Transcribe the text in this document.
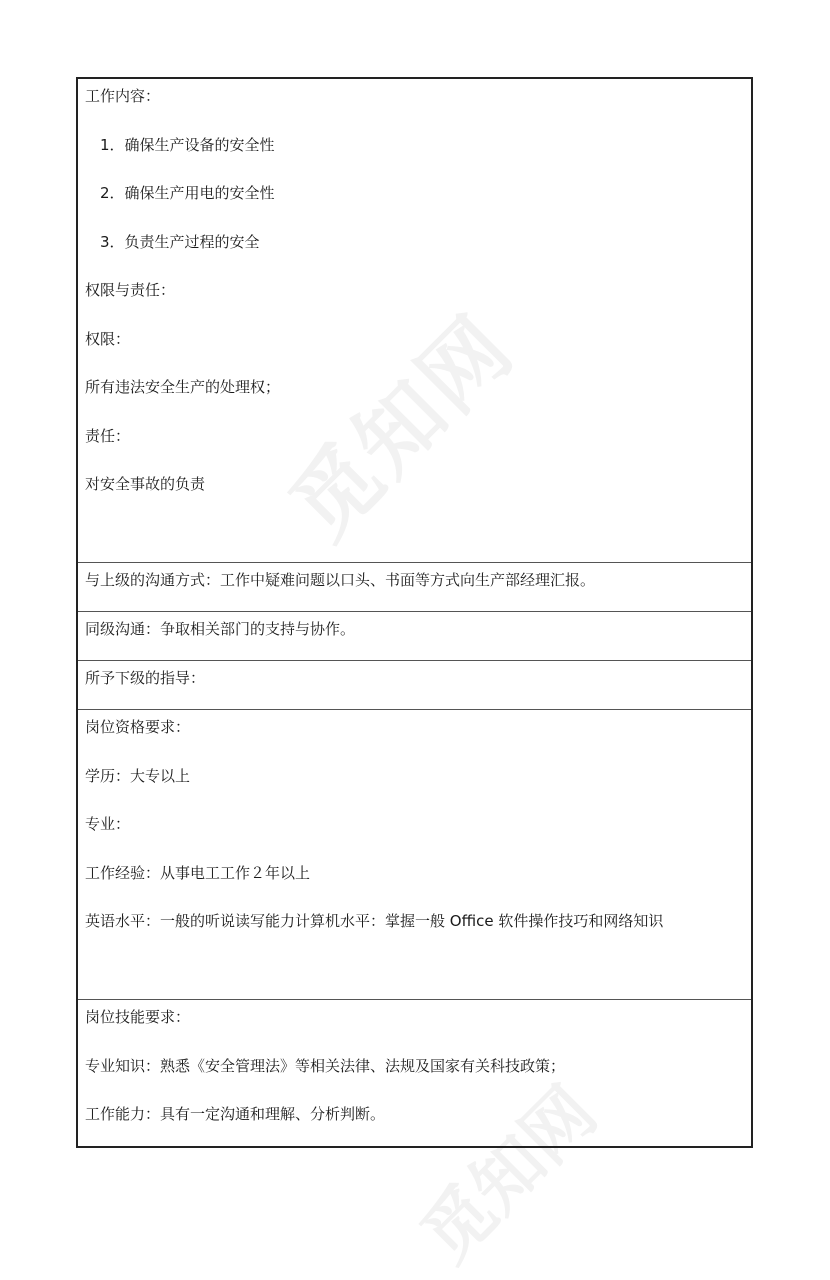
觅知网
觅知网
工作内容：
1．确保生产设备的安全性
2．确保生产用电的安全性
3．负责生产过程的安全
权限与责任：
权限：
所有违法安全生产的处理权；
责任：
对安全事故的负责
与上级的沟通方式：工作中疑难问题以口头、书面等方式向生产部经理汇报。
同级沟通：争取相关部门的支持与协作。
所予下级的指导：
岗位资格要求：
学历：大专以上
专业：
工作经验：从事电工工作２年以上
英语水平：一般的听说读写能力计算机水平：掌握一般 Office 软件操作技巧和网络知识
岗位技能要求：
专业知识：熟悉《安全管理法》等相关法律、法规及国家有关科技政策；
工作能力：具有一定沟通和理解、分析判断。
